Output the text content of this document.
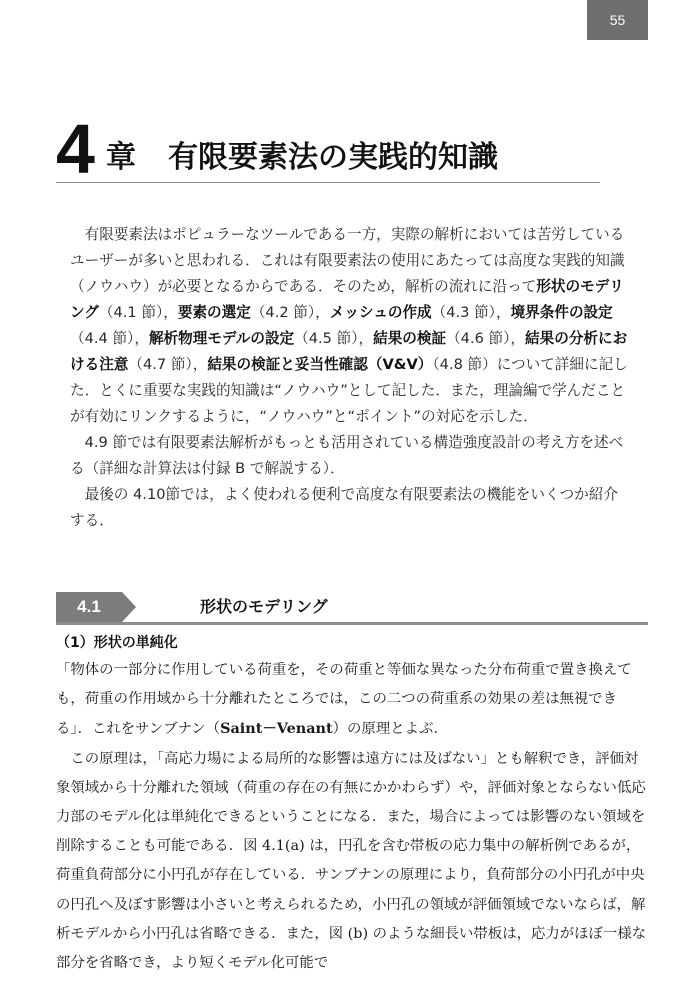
55
4 章 有限要素法の実践的知識

有限要素法はポピュラーなツールである一方，実際の解析においては苦労しているユーザーが多いと思われる．これは有限要素法の使用にあたっては高度な実践的知識（ノウハウ）が必要となるからである．そのため，解析の流れに沿って形状のモデリング（4.1 節），要素の選定（4.2 節），メッシュの作成（4.3 節），境界条件の設定（4.4 節），解析物理モデルの設定（4.5 節），結果の検証（4.6 節），結果の分析における注意（4.7 節），結果の検証と妥当性確認（V&V）（4.8 節）について詳細に記した．とくに重要な実践的知識は“ノウハウ”として記した．また，理論編で学んだことが有効にリンクするように，“ノウハウ”と“ポイント”の対応を示した．

4.9 節では有限要素法解析がもっとも活用されている構造強度設計の考え方を述べる（詳細な計算法は付録 B で解説する）．

最後の 4.10節では，よく使われる便利で高度な有限要素法の機能をいくつか紹介する．

4.1	形状のモデリング
（1）形状の単純化

「物体の一部分に作用している荷重を，その荷重と等価な異なった分布荷重で置き換えても，荷重の作用域から十分離れたところでは，この二つの荷重系の効果の差は無視できる」．これをサンブナン（Saint－Venant）の原理とよぶ．

この原理は，「高応力場による局所的な影響は遠方には及ばない」とも解釈でき，評価対象領域から十分離れた領域（荷重の存在の有無にかかわらず）や，評価対象とならない低応力部のモデル化は単純化できるということになる．また，場合によっては影響のない領域を削除することも可能である．図 4.1(a) は，円孔を含む帯板の応力集中の解析例であるが，荷重負荷部分に小円孔が存在している．サンブナンの原理により，負荷部分の小円孔が中央の円孔へ及ぼす影響は小さいと考えられるため，小円孔の領域が評価領域でないならば，解析モデルから小円孔は省略できる．また，図 (b) のような細長い帯板は，応力がほぼ一様な部分を省略でき，より短くモデル化可能で
